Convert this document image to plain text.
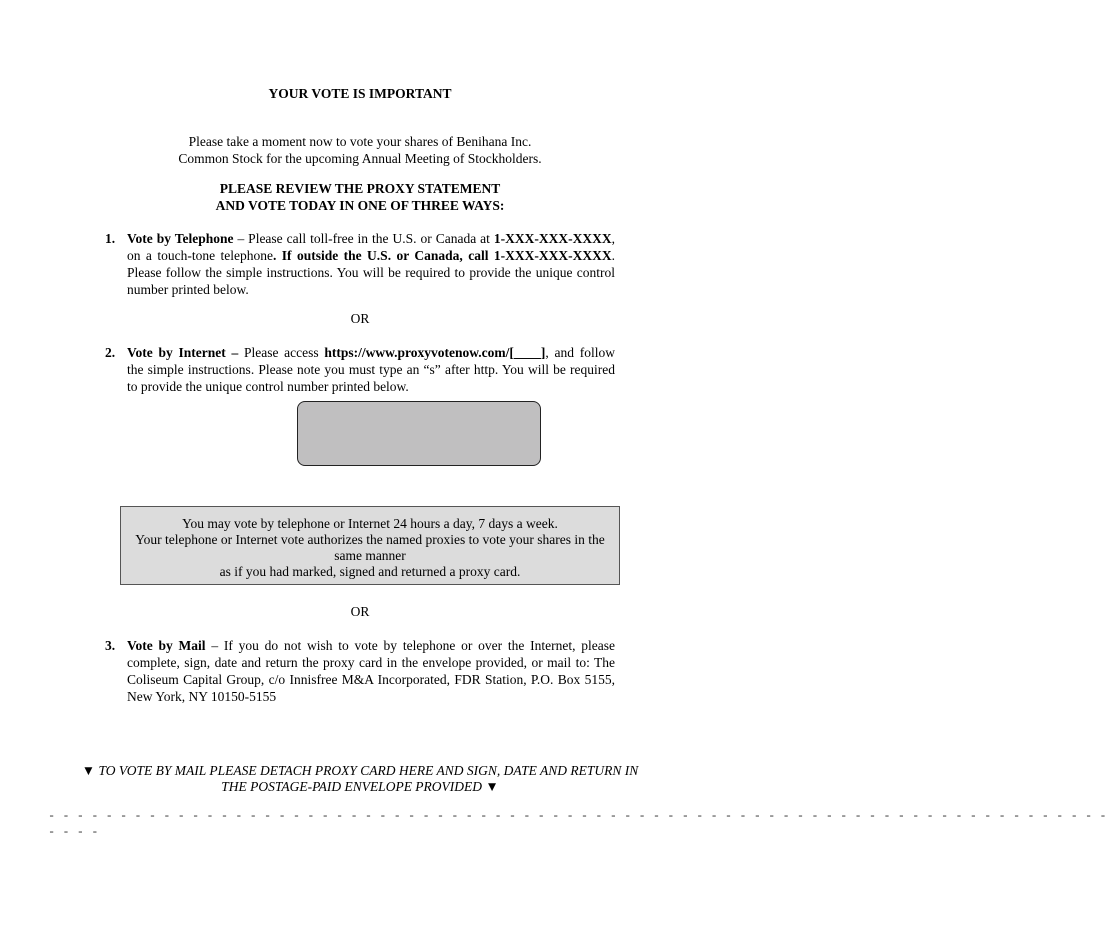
YOUR VOTE IS IMPORTANT
Please take a moment now to vote your shares of Benihana Inc.
Common Stock for the upcoming Annual Meeting of Stockholders.
PLEASE REVIEW THE PROXY STATEMENT
AND VOTE TODAY IN ONE OF THREE WAYS:
1. Vote by Telephone – Please call toll-free in the U.S. or Canada at 1-XXX-XXX-XXXX, on a touch-tone telephone. If outside the U.S. or Canada, call 1-XXX-XXX-XXXX. Please follow the simple instructions. You will be required to provide the unique control number printed below.
OR
2. Vote by Internet – Please access https://www.proxyvotenow.com/[____], and follow the simple instructions. Please note you must type an “s” after http. You will be required to provide the unique control number printed below.
You may vote by telephone or Internet 24 hours a day, 7 days a week.
Your telephone or Internet vote authorizes the named proxies to vote your shares in the same manner
as if you had marked, signed and returned a proxy card.
OR
3. Vote by Mail – If you do not wish to vote by telephone or over the Internet, please complete, sign, date and return the proxy card in the envelope provided, or mail to: The Coliseum Capital Group, c/o Innisfree M&A Incorporated, FDR Station, P.O. Box 5155, New York, NY 10150-5155
▼ TO VOTE BY MAIL PLEASE DETACH PROXY CARD HERE AND SIGN, DATE AND RETURN IN
THE POSTAGE-PAID ENVELOPE PROVIDED ▼
- - - - - - - - - - - - - - - - - - - - - - - - - - - - - - - - - - - - - - - - - - - - - - - - - - - - - - - - - - - - - - - - - - - - - - - - - -
- - - -
